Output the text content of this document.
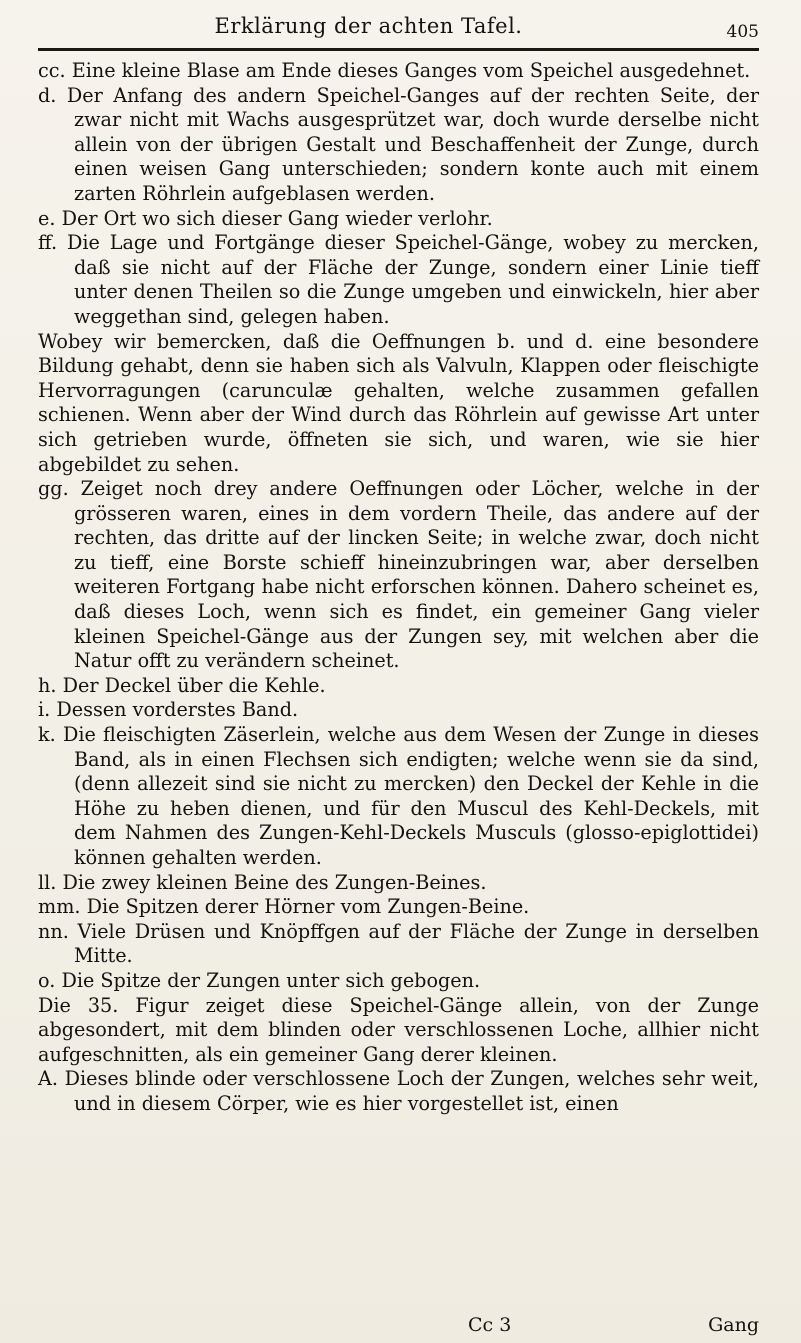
Erklärung der achten Tafel.	405

cc. Eine kleine Blase am Ende dieses Ganges vom Speichel ausgedehnet.

d. Der Anfang des andern Speichel-Ganges auf der rechten Seite, der zwar nicht mit Wachs ausgesprützet war, doch wurde derselbe nicht allein von der übrigen Gestalt und Beschaffenheit der Zunge, durch einen weisen Gang unterschieden; sondern konte auch mit einem zarten Röhrlein aufgeblasen werden.

e. Der Ort wo sich dieser Gang wieder verlohr.

ff. Die Lage und Fortgänge dieser Speichel-Gänge, wobey zu mercken, daß sie nicht auf der Fläche der Zunge, sondern einer Linie tieff unter denen Theilen so die Zunge umgeben und einwickeln, hier aber weggethan sind, gelegen haben.

Wobey wir bemercken, daß die Oeffnungen b. und d. eine besondere Bildung gehabt, denn sie haben sich als Valvuln, Klappen oder fleischigte Hervorragungen (carunculæ gehalten, welche zusammen gefallen schienen. Wenn aber der Wind durch das Röhrlein auf gewisse Art unter sich getrieben wurde, öffneten sie sich, und waren, wie sie hier abgebildet zu sehen.

gg. Zeiget noch drey andere Oeffnungen oder Löcher, welche in der grösseren waren, eines in dem vordern Theile, das andere auf der rechten, das dritte auf der lincken Seite; in welche zwar, doch nicht zu tieff, eine Borste schieff hineinzubringen war, aber derselben weiteren Fortgang habe nicht erforschen können. Dahero scheinet es, daß dieses Loch, wenn sich es findet, ein gemeiner Gang vieler kleinen Speichel-Gänge aus der Zungen sey, mit welchen aber die Natur offt zu verändern scheinet.

h. Der Deckel über die Kehle.

i. Dessen vorderstes Band.

k. Die fleischigten Zäserlein, welche aus dem Wesen der Zunge in dieses Band, als in einen Flechsen sich endigten; welche wenn sie da sind, (denn allezeit sind sie nicht zu mercken) den Deckel der Kehle in die Höhe zu heben dienen, und für den Muscul des Kehl-Deckels, mit dem Nahmen des Zungen-Kehl-Deckels Musculs (glosso-epiglottidei) können gehalten werden.

ll. Die zwey kleinen Beine des Zungen-Beines.

mm. Die Spitzen derer Hörner vom Zungen-Beine.

nn. Viele Drüsen und Knöpffgen auf der Fläche der Zunge in derselben Mitte.

o. Die Spitze der Zungen unter sich gebogen.

Die 35. Figur zeiget diese Speichel-Gänge allein, von der Zunge abgesondert, mit dem blinden oder verschlossenen Loche, allhier nicht aufgeschnitten, als ein gemeiner Gang derer kleinen.

A. Dieses blinde oder verschlossene Loch der Zungen, welches sehr weit, und in diesem Cörper, wie es hier vorgestellet ist, einen

Cc 3	Gang
